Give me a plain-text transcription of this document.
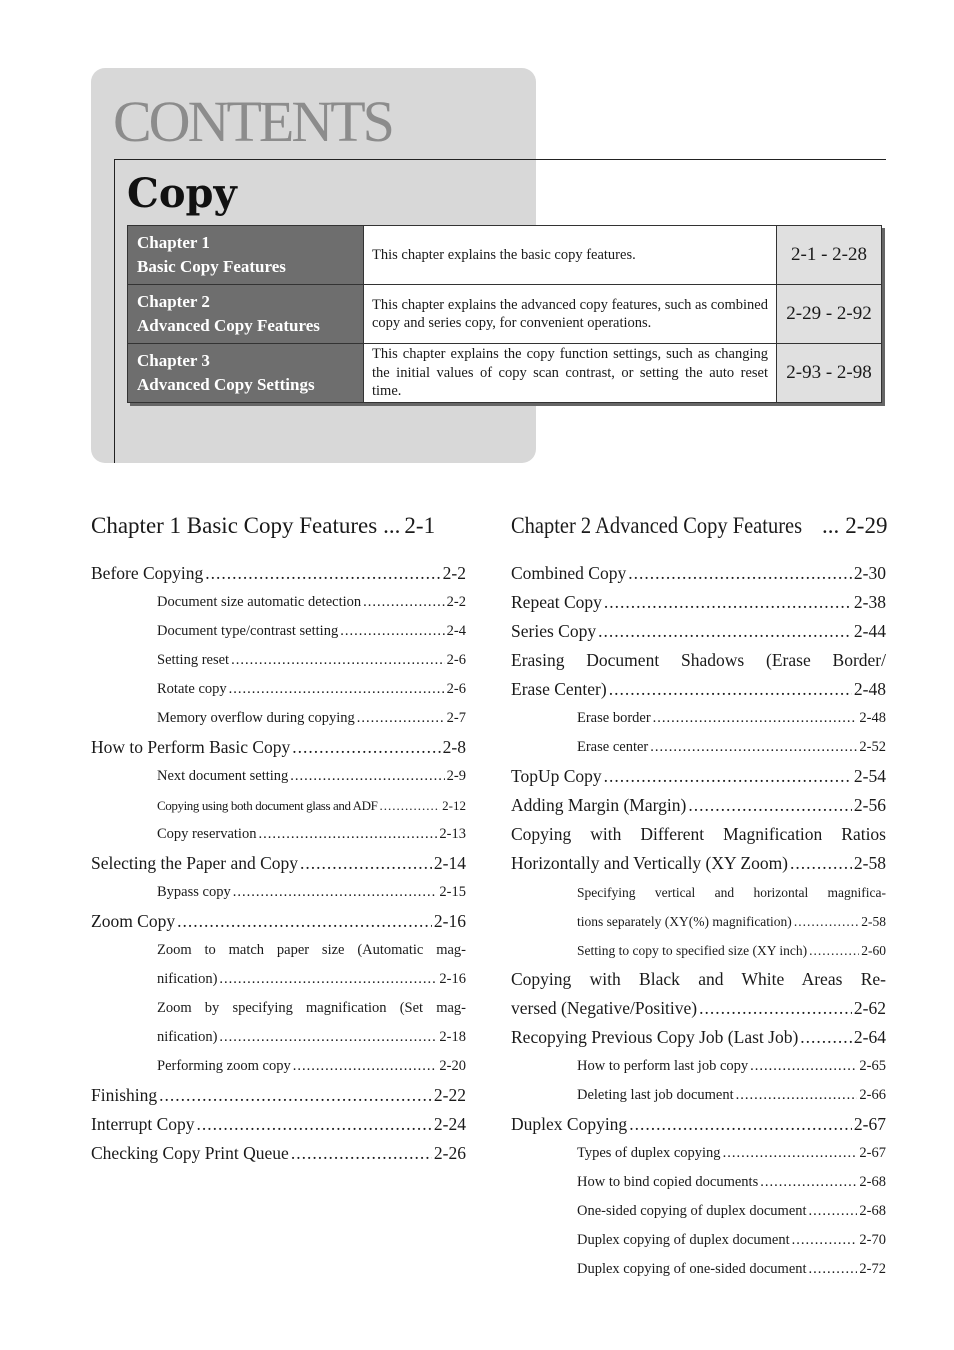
CONTENTS
Copy
Chapter 1
Basic Copy Features	This chapter explains the basic copy features.	2-1 - 2-28

Chapter 2
Advanced Copy Features	This chapter explains the advanced copy features, such as combined copy and series copy, for convenient operations.	2-29 - 2-92

Chapter 3
Advanced Copy Settings	This chapter explains the copy function settings, such as changing the initial values of copy scan contrast, or setting the auto reset time.	2-93 - 2-98
Chapter 1 Basic Copy Features ... 2-1
Before Copying .....	2-2
Document size automatic detection .....	2-2
Document type/contrast setting .....	2-4
Setting reset .....	2-6
Rotate copy .....	2-6
Memory overflow during copying .....	2-7
How to Perform Basic Copy .....	2-8
Next document setting .....	2-9
Copying using both document glass and ADF .....	2-12
Copy reservation .....	2-13
Selecting the Paper and Copy .....	2-14
Bypass copy .....	2-15
Zoom Copy .....	2-16
Zoom to match paper size (Automatic mag-
nification) .....	2-16
Zoom by specifying magnification (Set mag-
nification) .....	2-18
Performing zoom copy .....	2-20
Finishing .....	2-22
Interrupt Copy .....	2-24
Checking Copy Print Queue .....	2-26
Chapter 2 Advanced Copy Features ... 2-29
Combined Copy .....	2-30
Repeat Copy .....	2-38
Series Copy .....	2-44
Erasing Document Shadows (Erase Border/
Erase Center) .....	2-48
Erase border .....	2-48
Erase center .....	2-52
TopUp Copy .....	2-54
Adding Margin (Margin) .....	2-56
Copying with Different Magnification Ratios
Horizontally and Vertically (XY Zoom) .....	2-58
Specifying vertical and horizontal magnifica-
tions separately (XY(%) magnification) .....	2-58
Setting to copy to specified size (XY inch) .....	2-60
Copying with Black and White Areas Re-
versed (Negative/Positive) .....	2-62
Recopying Previous Copy Job (Last Job) .....	2-64
How to perform last job copy .....	2-65
Deleting last job document .....	2-66
Duplex Copying .....	2-67
Types of duplex copying .....	2-67
How to bind copied documents .....	2-68
One-sided copying of duplex document .....	2-68
Duplex copying of duplex document .....	2-70
Duplex copying of one-sided document .....	2-72
